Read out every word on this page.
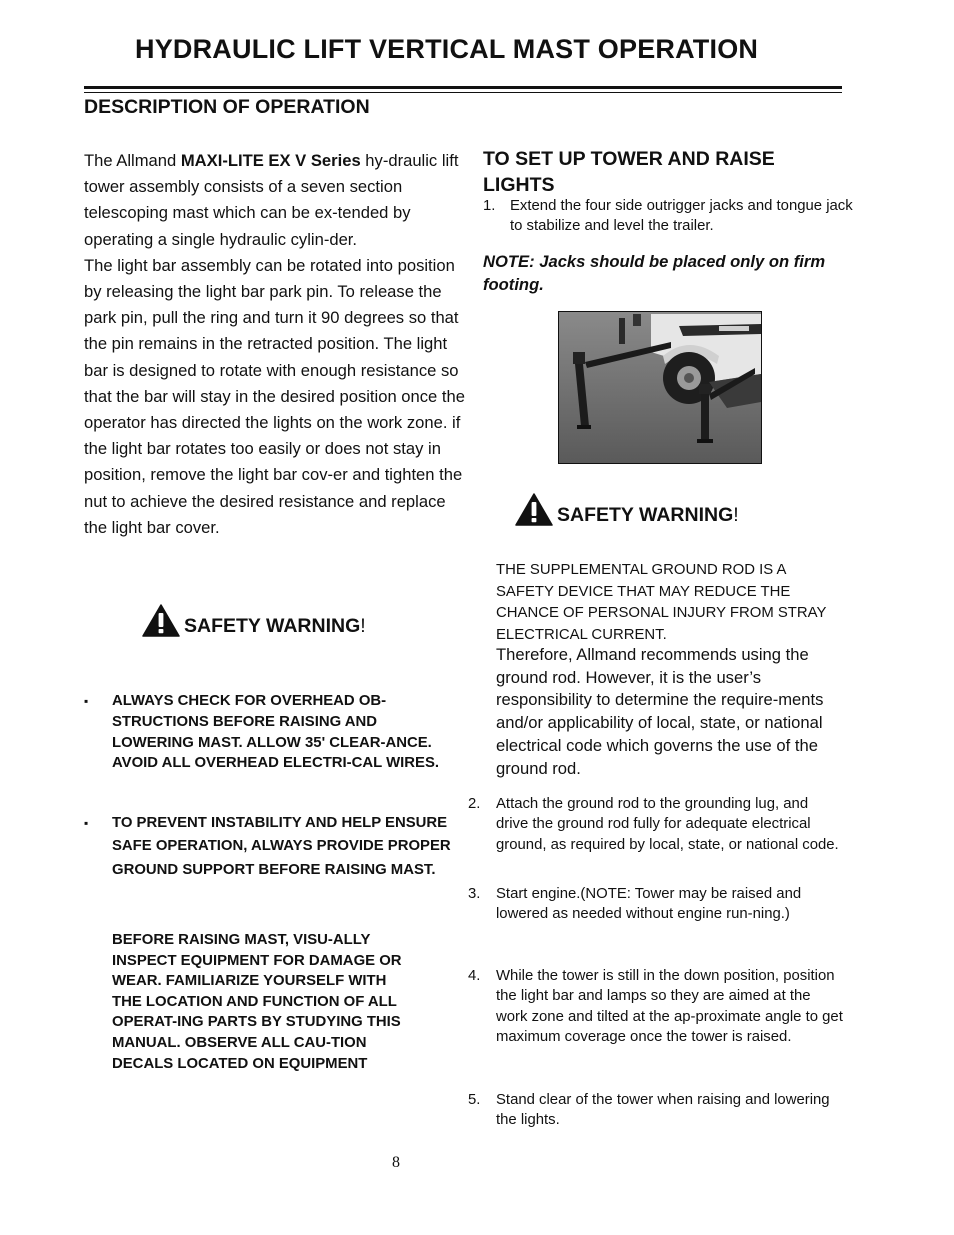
HYDRAULIC LIFT VERTICAL MAST OPERATION
DESCRIPTION OF OPERATION
The Allmand MAXI-LITE EX V Series hy-draulic lift tower assembly consists of a seven section telescoping mast which can be ex-tended by operating a single hydraulic cylin-der.
The light bar assembly can be rotated into position by releasing the light bar park pin. To release the park pin, pull the ring and turn it 90 degrees so that the pin remains in the retracted position. The light bar is designed to rotate with enough resistance so that the bar will stay in the desired position once the operator has directed the lights on the work zone. if the light bar rotates too easily or does not stay in position, remove the light bar cov-er and tighten the nut to achieve the desired resistance and replace the light bar cover.
SAFETY WARNING!
▪ ALWAYS CHECK FOR OVERHEAD OB-STRUCTIONS BEFORE RAISING AND LOWERING MAST. ALLOW 35' CLEAR-ANCE. AVOID ALL OVERHEAD ELECTRI-CAL WIRES.
▪ TO PREVENT INSTABILITY AND HELP ENSURE SAFE OPERATION, ALWAYS PROVIDE PROPER GROUND SUPPORT BEFORE RAISING MAST.
BEFORE RAISING MAST, VISU-ALLY INSPECT EQUIPMENT FOR DAMAGE OR WEAR. FAMILIARIZE YOURSELF WITH THE LOCATION AND FUNCTION OF ALL OPERAT-ING PARTS BY STUDYING THIS MANUAL. OBSERVE ALL CAU-TION DECALS LOCATED ON EQUIPMENT
TO SET UP TOWER AND RAISE LIGHTS
1. Extend the four side outrigger jacks and tongue jack to stabilize and level the trailer.
NOTE: Jacks should be placed only on firm footing.
SAFETY WARNING!
THE SUPPLEMENTAL GROUND ROD IS A SAFETY DEVICE THAT MAY REDUCE THE CHANCE OF PERSONAL INJURY FROM STRAY ELECTRICAL CURRENT.
Therefore, Allmand recommends using the ground rod. However, it is the user’s responsibility to determine the require-ments and/or applicability of local, state, or national electrical code which governs the use of the ground rod.
2. Attach the ground rod to the grounding lug, and drive the ground rod fully for adequate electrical ground, as required by local, state, or national code.
3. Start engine.(NOTE: Tower may be raised and lowered as needed without engine run-ning.)
4. While the tower is still in the down position, position the light bar and lamps so they are aimed at the work zone and tilted at the ap-proximate angle to get maximum coverage once the tower is raised.
5. Stand clear of the tower when raising and lowering the lights.
8
